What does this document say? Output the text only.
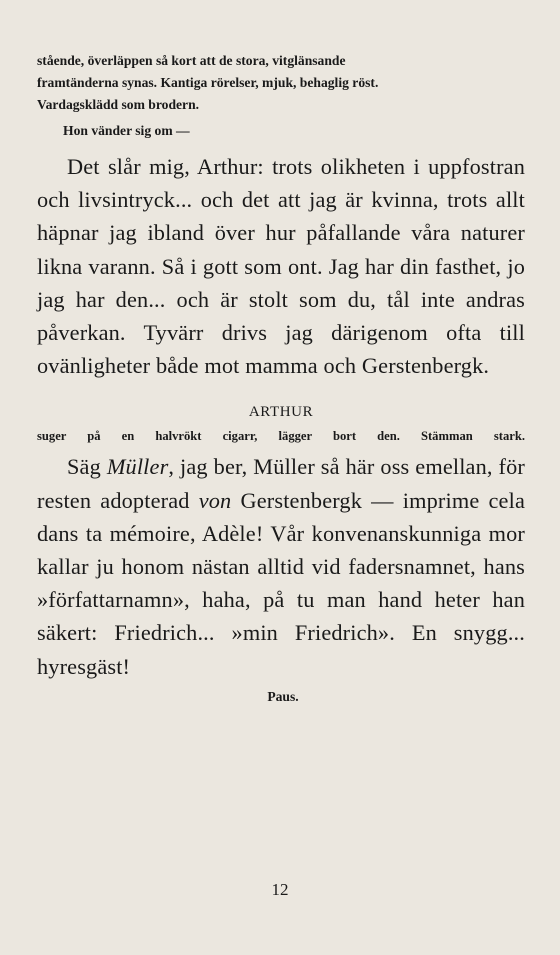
stående, överläppen så kort att de stora, vitglänsande
framtänderna synas. Kantiga rörelser, mjuk, behaglig röst.
Vardagsklädd som brodern.

Hon vänder sig om —

Det slår mig, Arthur: trots olikheten i uppfostran och livsintryck... och det att jag är kvinna, trots allt häpnar jag ibland över hur påfallande våra naturer likna varann. Så i gott som ont. Jag har din fasthet, jo jag har den... och är stolt som du, tål inte andras påverkan. Tyvärr drivs jag därigenom ofta till ovänligheter både mot mamma och Gerstenbergk.

ARTHUR

suger på en halvrökt cigarr, lägger bort den. Stämman stark.

Säg Müller, jag ber, Müller så här oss emellan, för resten adopterad von Gerstenbergk — imprime cela dans ta mémoire, Adèle! Vår konvenanskunniga mor kallar ju honom nästan alltid vid fadersnamnet, hans »författarnamn», haha, på tu man hand heter han säkert: Friedrich... »min Friedrich». En snygg... hyresgäst!

Paus.

12
